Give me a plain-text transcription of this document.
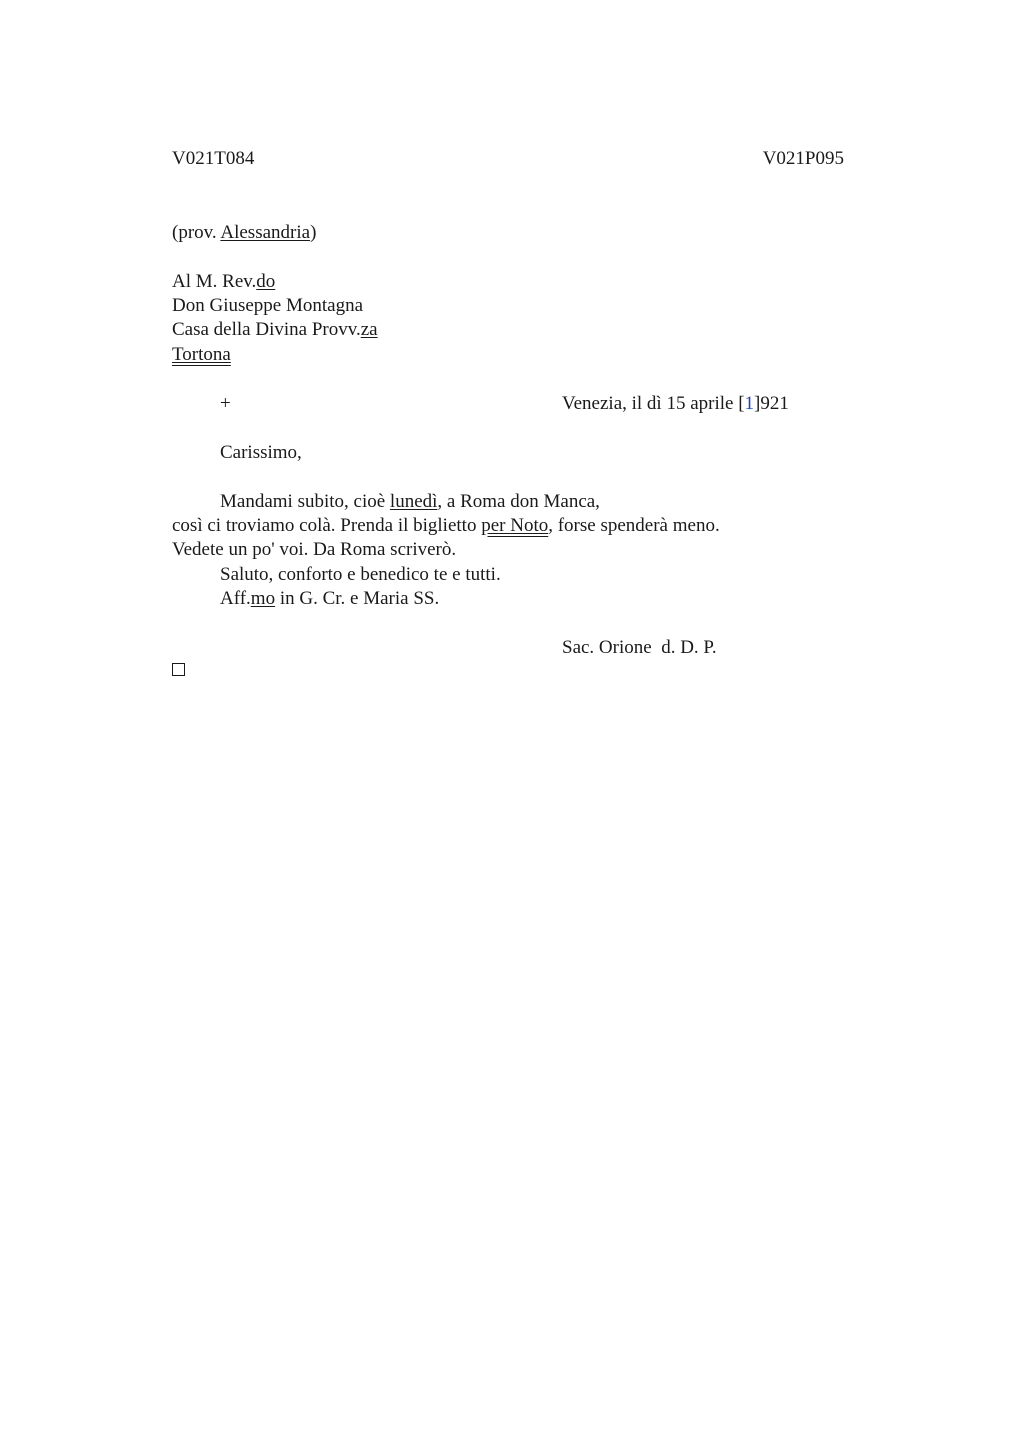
V021T084	V021P095
(prov. Alessandria)
Al M. Rev.do
Don Giuseppe Montagna
Casa della Divina Provv.za
Tortona
+	Venezia, il dì 15 aprile [1]921
Carissimo,
Mandami subito, cioè lunedì, a Roma don Manca,
così ci troviamo colà. Prenda il biglietto per Noto, forse spenderà meno.
Vedete un po' voi. Da Roma scriverò.
Saluto, conforto e benedico te e tutti.
Aff.mo in G. Cr. e Maria SS.
Sac. Orione  d. D. P.
